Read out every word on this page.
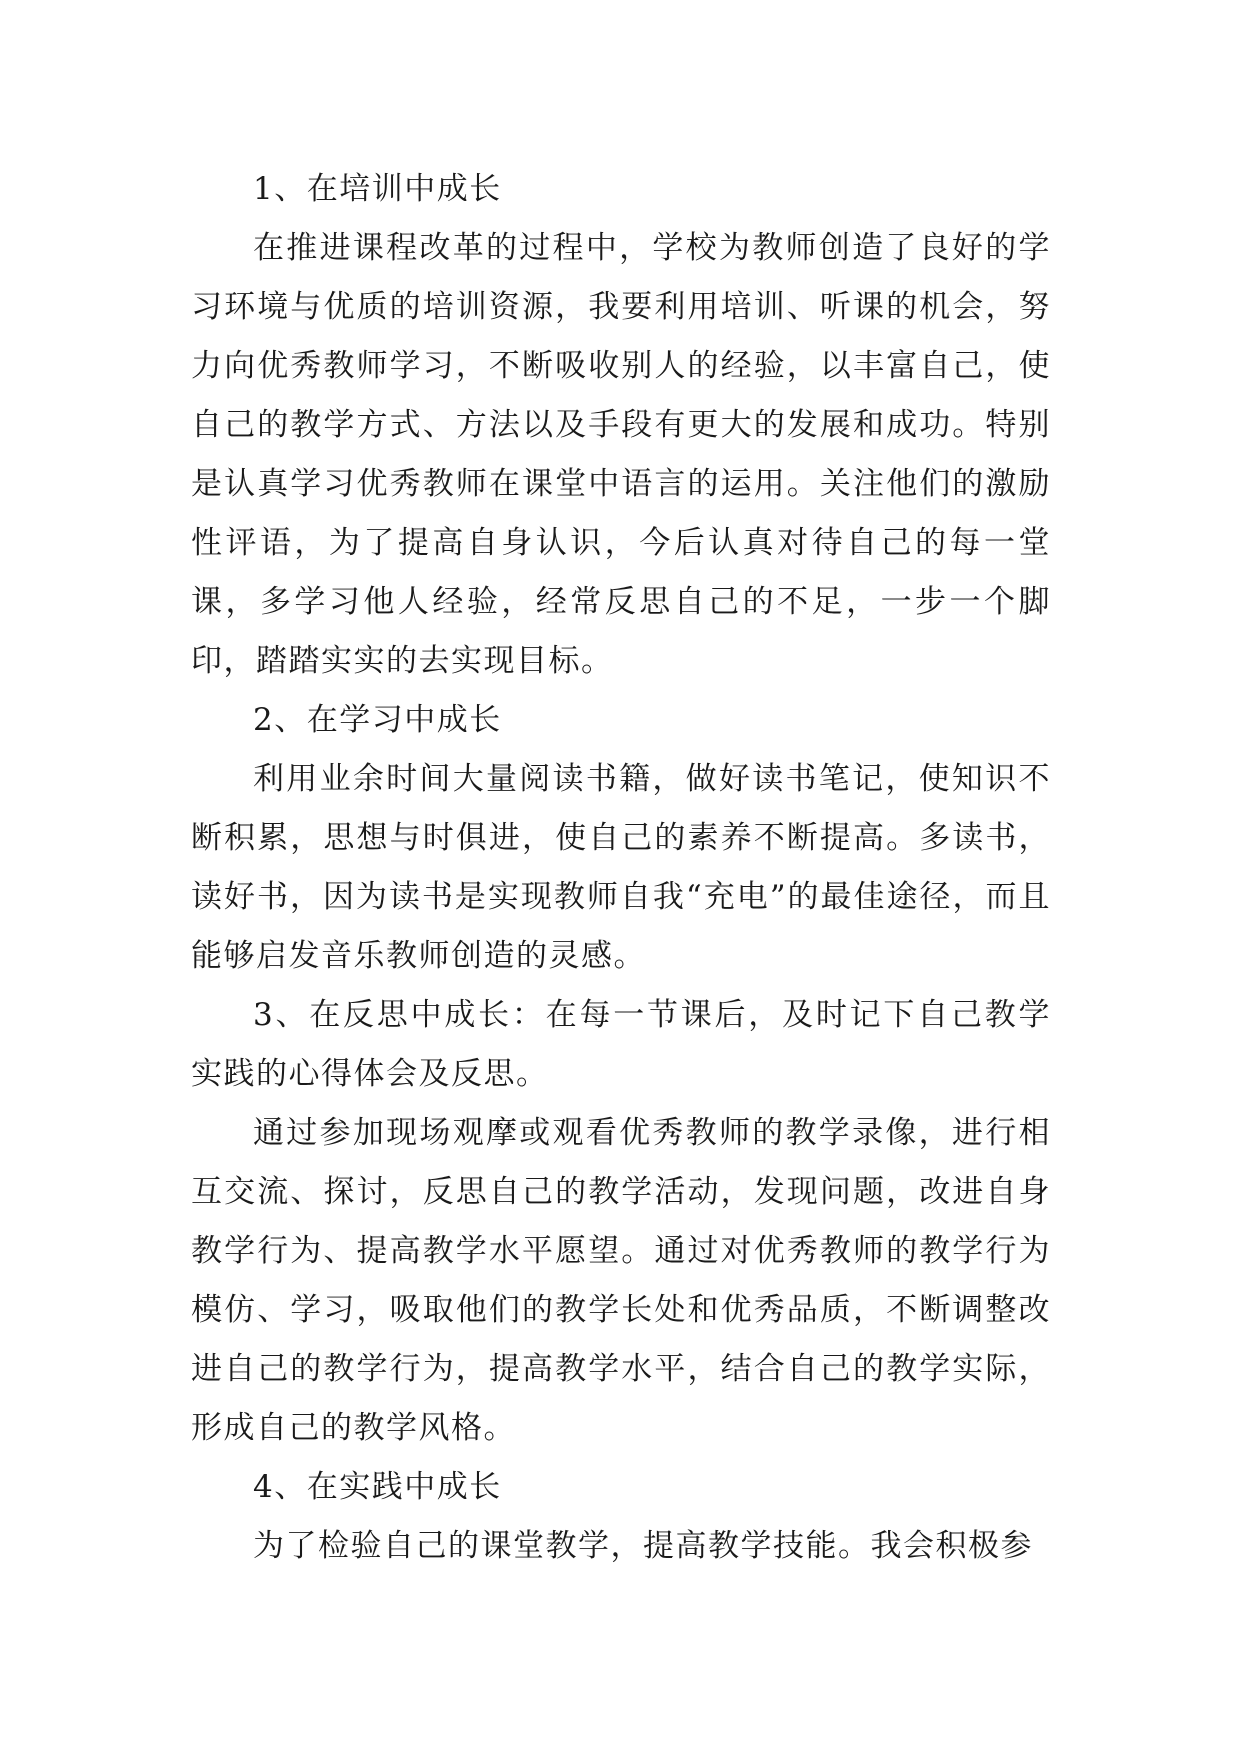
1、在培训中成长

在推进课程改革的过程中，学校为教师创造了良好的学习环境与优质的培训资源，我要利用培训、听课的机会，努力向优秀教师学习，不断吸收别人的经验，以丰富自己，使自己的教学方式、方法以及手段有更大的发展和成功。特别是认真学习优秀教师在课堂中语言的运用。关注他们的激励性评语，为了提高自身认识，今后认真对待自己的每一堂课，多学习他人经验，经常反思自己的不足，一步一个脚印，踏踏实实的去实现目标。

2、在学习中成长

利用业余时间大量阅读书籍，做好读书笔记，使知识不断积累，思想与时俱进，使自己的素养不断提高。多读书，读好书，因为读书是实现教师自我“充电”的最佳途径，而且能够启发音乐教师创造的灵感。

3、在反思中成长：在每一节课后，及时记下自己教学实践的心得体会及反思。

通过参加现场观摩或观看优秀教师的教学录像，进行相互交流、探讨，反思自己的教学活动，发现问题，改进自身教学行为、提高教学水平愿望。通过对优秀教师的教学行为模仿、学习，吸取他们的教学长处和优秀品质，不断调整改进自己的教学行为，提高教学水平，结合自己的教学实际，形成自己的教学风格。

4、在实践中成长

为了检验自己的课堂教学，提高教学技能。我会积极参
